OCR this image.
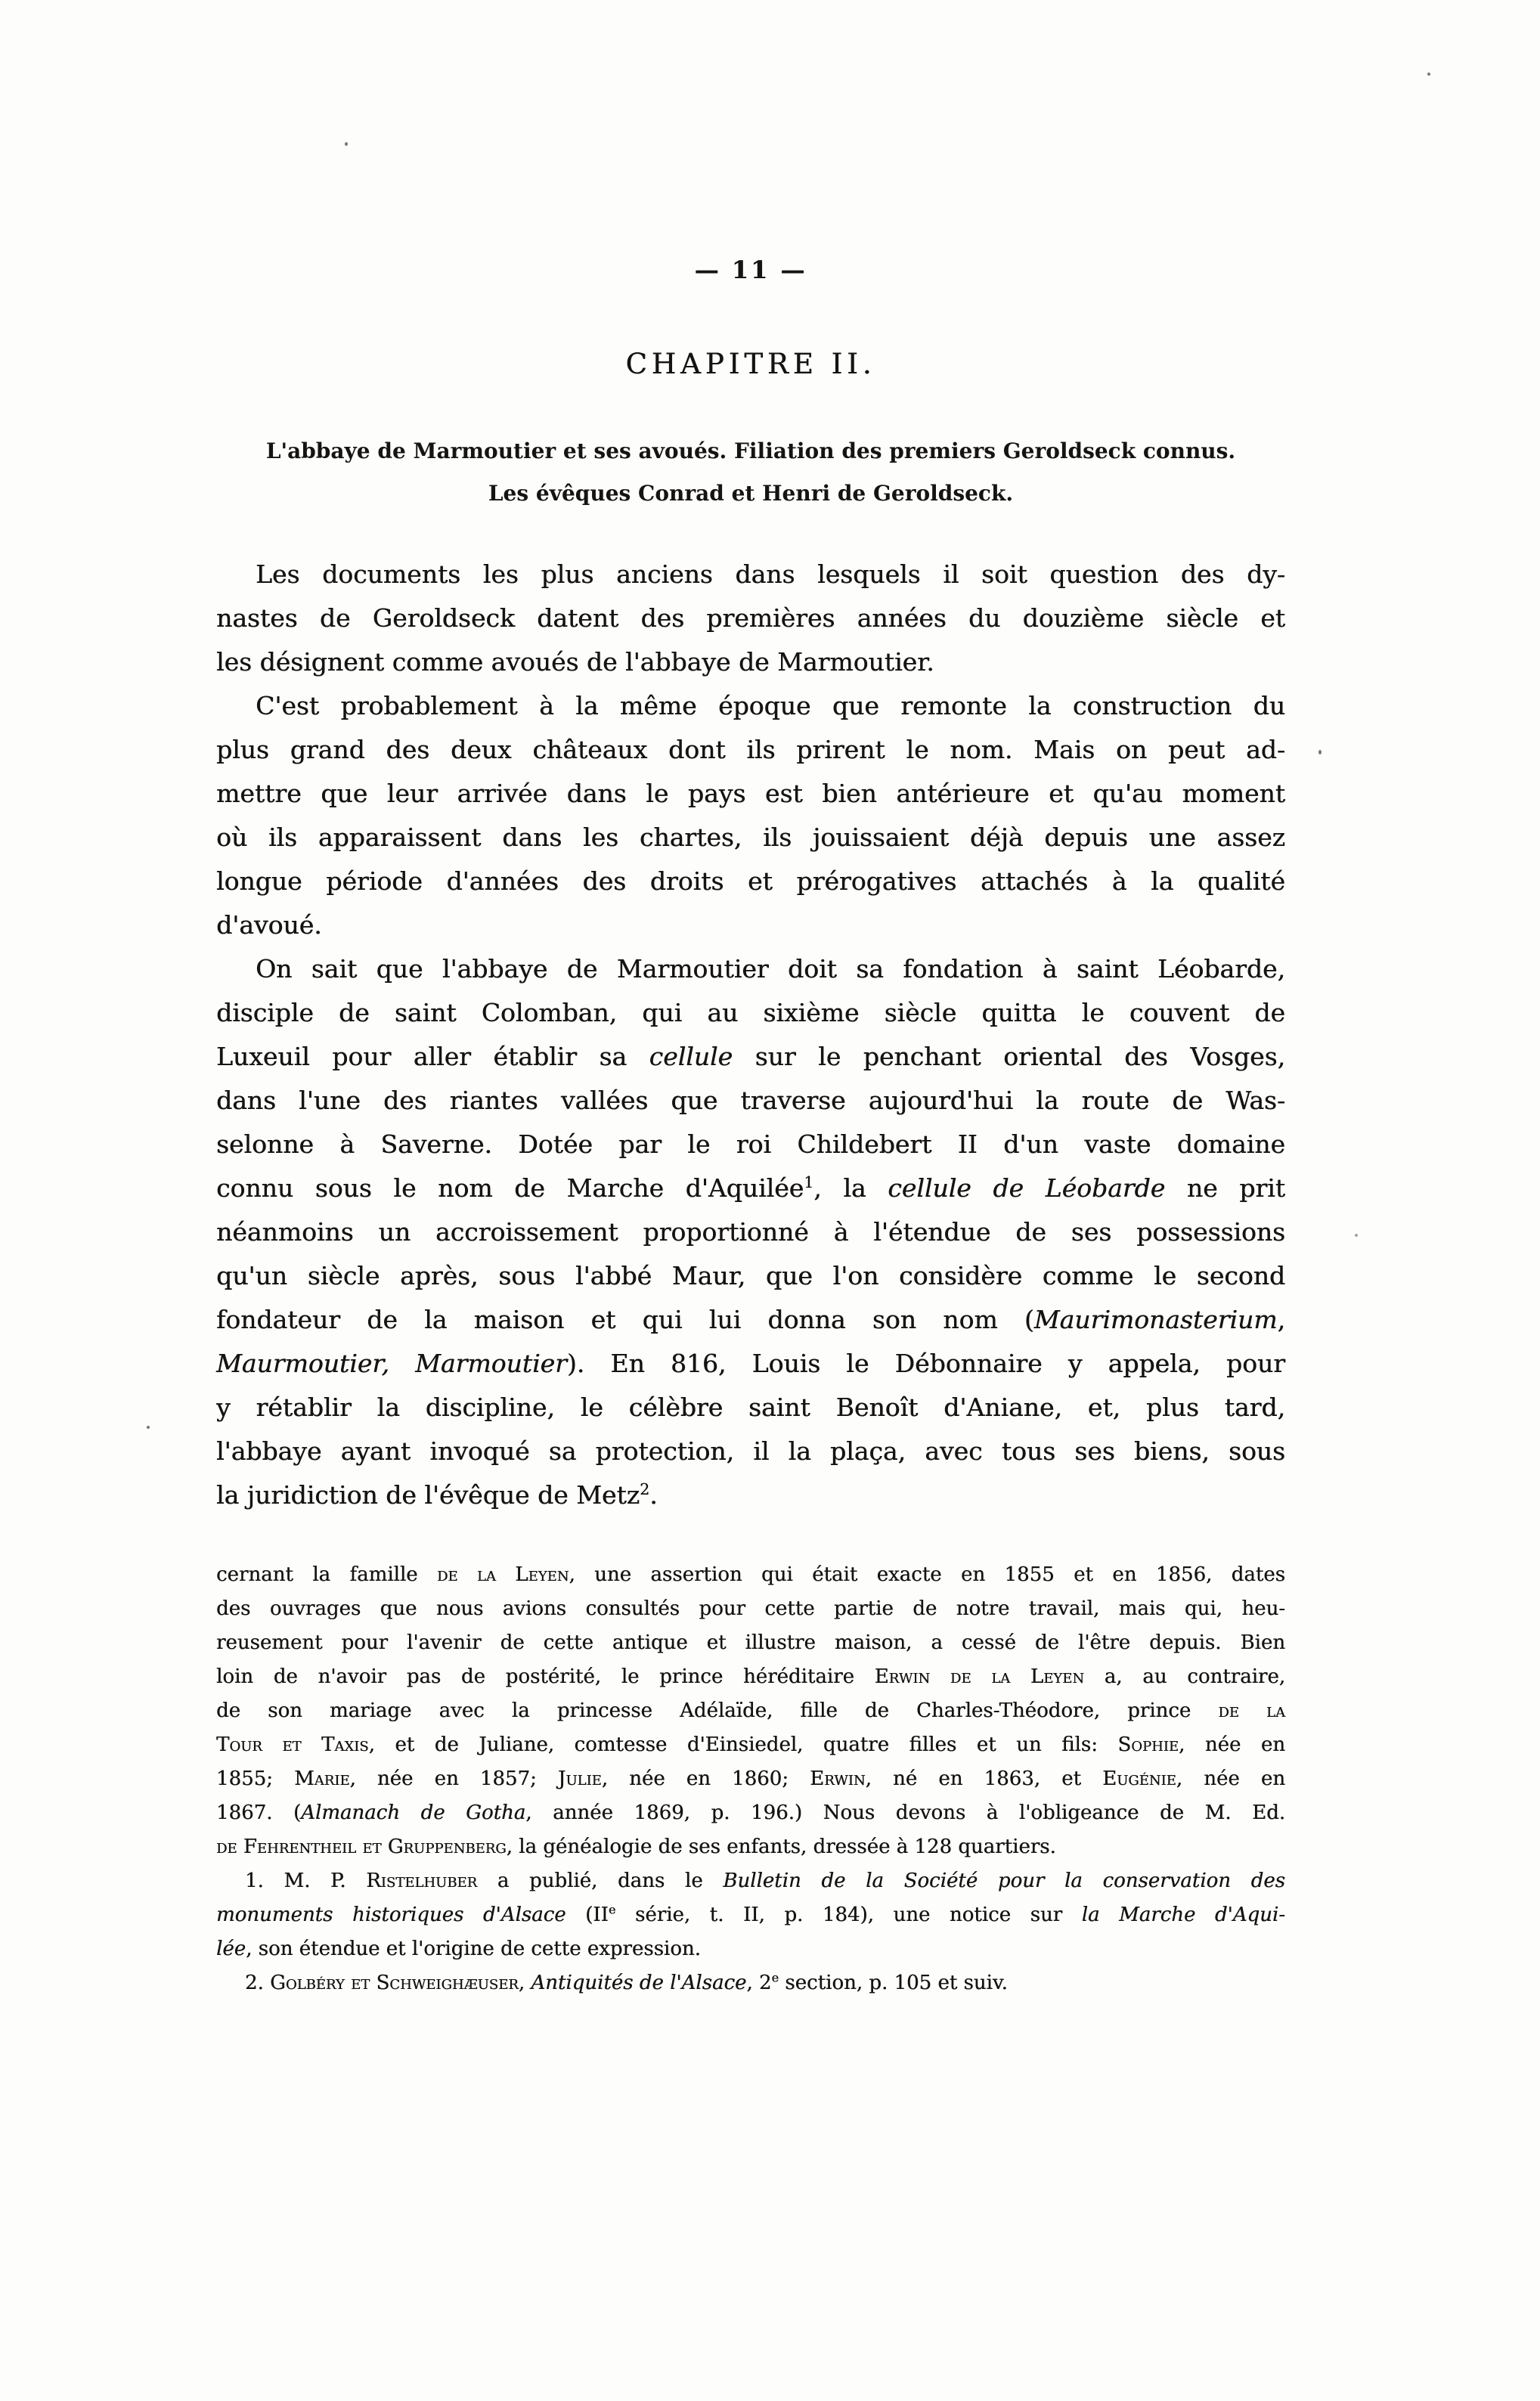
— 11 —
CHAPITRE II.
L'abbaye de Marmoutier et ses avoués. Filiation des premiers Geroldseck connus.
Les évêques Conrad et Henri de Geroldseck.
Les documents les plus anciens dans lesquels il soit question des dy-
nastes de Geroldseck datent des premières années du douzième siècle et
les désignent comme avoués de l'abbaye de Marmoutier.
C'est probablement à la même époque que remonte la construction du
plus grand des deux châteaux dont ils prirent le nom. Mais on peut ad-
mettre que leur arrivée dans le pays est bien antérieure et qu'au moment
où ils apparaissent dans les chartes, ils jouissaient déjà depuis une assez
longue période d'années des droits et prérogatives attachés à la qualité
d'avoué.
On sait que l'abbaye de Marmoutier doit sa fondation à saint Léobarde,
disciple de saint Colomban, qui au sixième siècle quitta le couvent de
Luxeuil pour aller établir sa cellule sur le penchant oriental des Vosges,
dans l'une des riantes vallées que traverse aujourd'hui la route de Was-
selonne à Saverne. Dotée par le roi Childebert II d'un vaste domaine
connu sous le nom de Marche d'Aquilée$^1$, la cellule de Léobarde ne prit
néanmoins un accroissement proportionné à l'étendue de ses possessions
qu'un siècle après, sous l'abbé Maur, que l'on considère comme le second
fondateur de la maison et qui lui donna son nom (Maurimonasterium,
Maurmoutier, Marmoutier). En 816, Louis le Débonnaire y appela, pour
y rétablir la discipline, le célèbre saint Benoît d'Aniane, et, plus tard,
l'abbaye ayant invoqué sa protection, il la plaça, avec tous ses biens, sous
la juridiction de l'évêque de Metz$^2$.
cernant la famille de la Leyen, une assertion qui était exacte en 1855 et en 1856, dates
des ouvrages que nous avions consultés pour cette partie de notre travail, mais qui, heu-
reusement pour l'avenir de cette antique et illustre maison, a cessé de l'être depuis. Bien
loin de n'avoir pas de postérité, le prince héréditaire Erwin de la Leyen a, au contraire,
de son mariage avec la princesse Adélaïde, fille de Charles-Théodore, prince de la
Tour et Taxis, et de Juliane, comtesse d'Einsiedel, quatre filles et un fils: Sophie, née en
1855; Marie, née en 1857; Julie, née en 1860; Erwin, né en 1863, et Eugénie, née en
1867. (Almanach de Gotha, année 1869, p. 196.) Nous devons à l'obligeance de M. Ed.
de Fehrentheil et Gruppenberg, la généalogie de ses enfants, dressée à 128 quartiers.
1. M. P. Ristelhuber a publié, dans le Bulletin de la Société pour la conservation des
monuments historiques d'Alsace (IIe série, t. II, p. 184), une notice sur la Marche d'Aqui-
lée, son étendue et l'origine de cette expression.
2. Golbéry et Schweighæuser, Antiquités de l'Alsace, 2e section, p. 105 et suiv.
